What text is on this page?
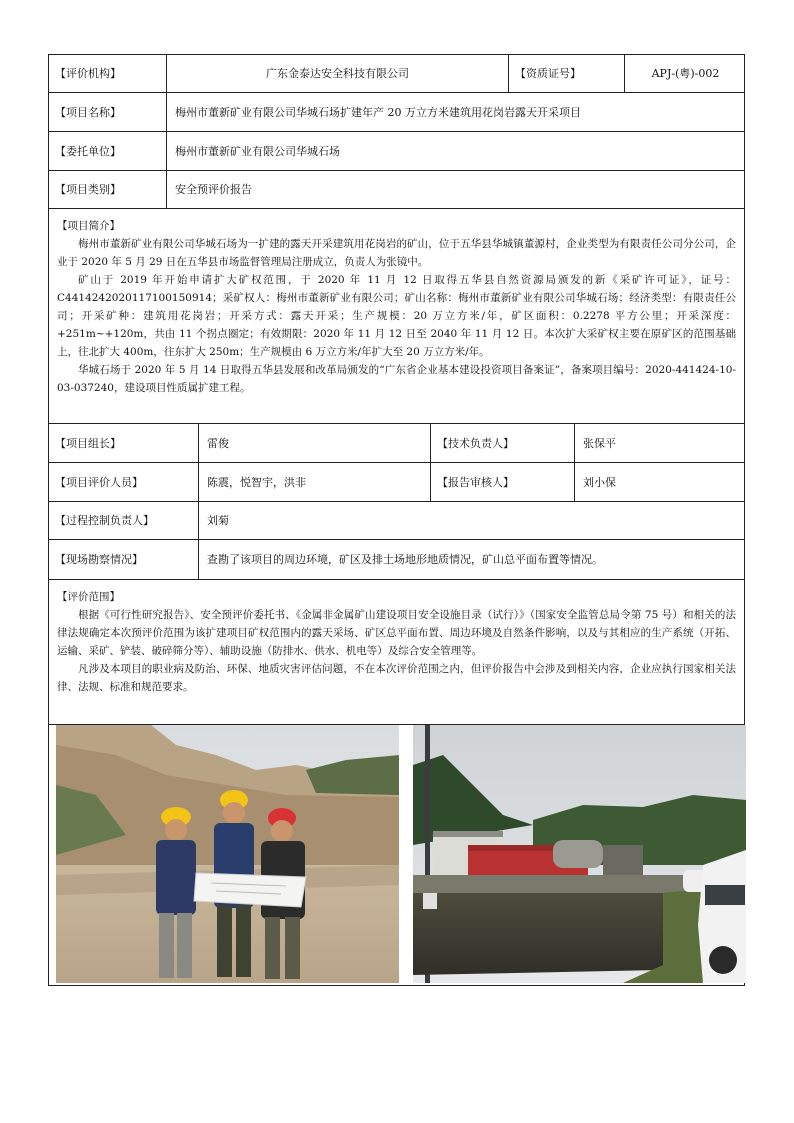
【评价机构】	广东金泰达安全科技有限公司	【资质证号】	APJ-(粤)-002
【项目名称】	梅州市董新矿业有限公司华城石场扩建年产 20 万立方米建筑用花岗岩露天开采项目
【委托单位】	梅州市董新矿业有限公司华城石场
【项目类别】	安全预评价报告
【项目简介】

梅州市董新矿业有限公司华城石场为一扩建的露天开采建筑用花岗岩的矿山，位于五华县华城镇董源村，企业类型为有限责任公司分公司，企业于 2020 年 5 月 29 日在五华县市场监督管理局注册成立，负责人为张镜中。

矿山于 2019 年开始申请扩大矿权范围，于 2020 年 11 月 12 日取得五华县自然资源局颁发的新《采矿许可证》，证号：C4414242020117100150914；采矿权人：梅州市董新矿业有限公司；矿山名称：梅州市董新矿业有限公司华城石场；经济类型：有限责任公司；开采矿种：建筑用花岗岩；开采方式：露天开采；生产规模：20 万立方米/年，矿区面积：0.2278 平方公里；开采深度：+251m~+120m，共由 11 个拐点圈定；有效期限：2020 年 11 月 12 日至 2040 年 11 月 12 日。本次扩大采矿权主要在原矿区的范围基础上，往北扩大 400m，往东扩大 250m；生产规模由 6 万立方米/年扩大至 20 万立方米/年。

华城石场于 2020 年 5 月 14 日取得五华县发展和改革局颁发的“广东省企业基本建设投资项目备案证”，备案项目编号：2020-441424-10-03-037240，建设项目性质属扩建工程。

【项目组长】	雷俊	【技术负责人】	张保平
【项目评价人员】	陈震，悦智宇，洪非	【报告审核人】	刘小保
【过程控制负责人】	刘菊
【现场勘察情况】	查勘了该项目的周边环境，矿区及排土场地形地质情况，矿山总平面布置等情况。
【评价范围】

根据《可行性研究报告》、安全预评价委托书、《金属非金属矿山建设项目安全设施目录（试行）》（国家安全监管总局令第 75 号）和相关的法律法规确定本次预评价范围为该扩建项目矿权范围内的露天采场、矿区总平面布置、周边环境及自然条件影响，以及与其相应的生产系统（开拓、运输、采矿、铲装、破碎筛分等）、辅助设施（防排水、供水、机电等）及综合安全管理等。

凡涉及本项目的职业病及防治、环保、地质灾害评估问题，不在本次评价范围之内，但评价报告中会涉及到相关内容，企业应执行国家相关法律、法规、标准和规范要求。
